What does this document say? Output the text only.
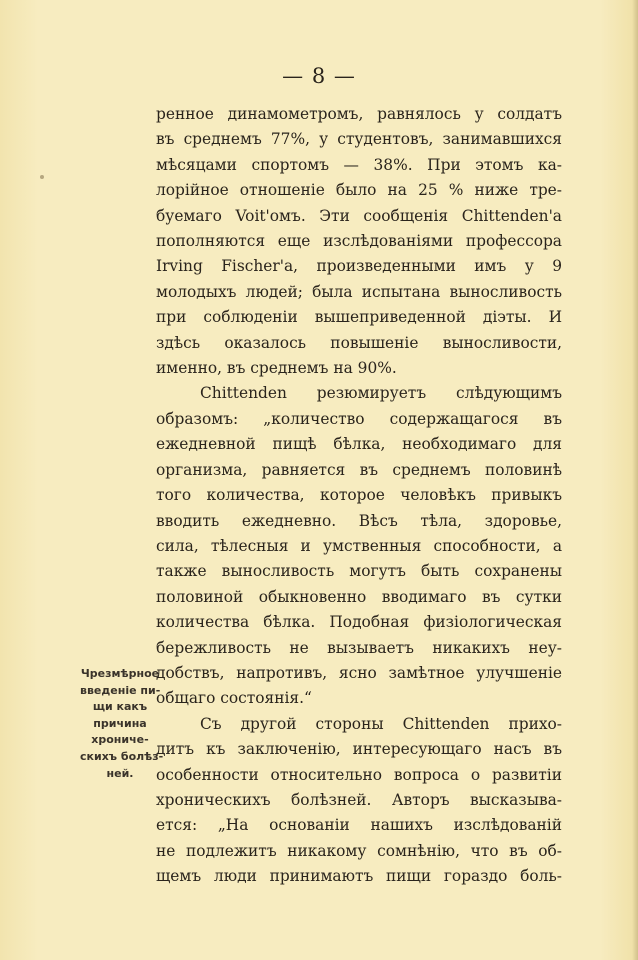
— 8 —
ренное динамометромъ, равнялось у солдатъ
въ среднемъ 77%, у студентовъ, занимавшихся
мѣсяцами спортомъ — 38%. При этомъ ка-
лорійное отношеніе было на 25 % ниже тре-
буемаго Voit'омъ. Эти сообщенія Chittenden'а
пополняются еще изслѣдованіями профессора
Irving Fischer'а, произведенными имъ у 9
молодыхъ людей; была испытана выносливость
при соблюденіи вышеприведенной діэты. И
здѣсь оказалось повышеніе выносливости,
именно, въ среднемъ на 90%.
Chittenden резюмируетъ слѣдующимъ
образомъ: „количество содержащагося въ
ежедневной пищѣ бѣлка, необходимаго для
организма, равняется въ среднемъ половинѣ
того количества, которое человѣкъ привыкъ
вводить ежедневно. Вѣсъ тѣла, здоровье,
сила, тѣлесныя и умственныя способности, а
также выносливость могутъ быть сохранены
половиной обыкновенно вводимаго въ сутки
количества бѣлка. Подобная физіологическая
бережливость не вызываетъ никакихъ неу-
добствъ, напротивъ, ясно замѣтное улучшеніе
общаго состоянія.“
Съ другой стороны Chittenden прихо-
дитъ къ заключенію, интересующаго насъ въ
особенности относительно вопроса о развитіи
хроническихъ болѣзней. Авторъ высказыва-
ется: „На основаніи нашихъ изслѣдованій
не подлежитъ никакому сомнѣнію, что въ об-
щемъ люди принимаютъ пищи гораздо боль-
Чрезмѣрное
введеніе пи-
щи какъ
причина
хрониче-
скихъ болѣз-
ней.
